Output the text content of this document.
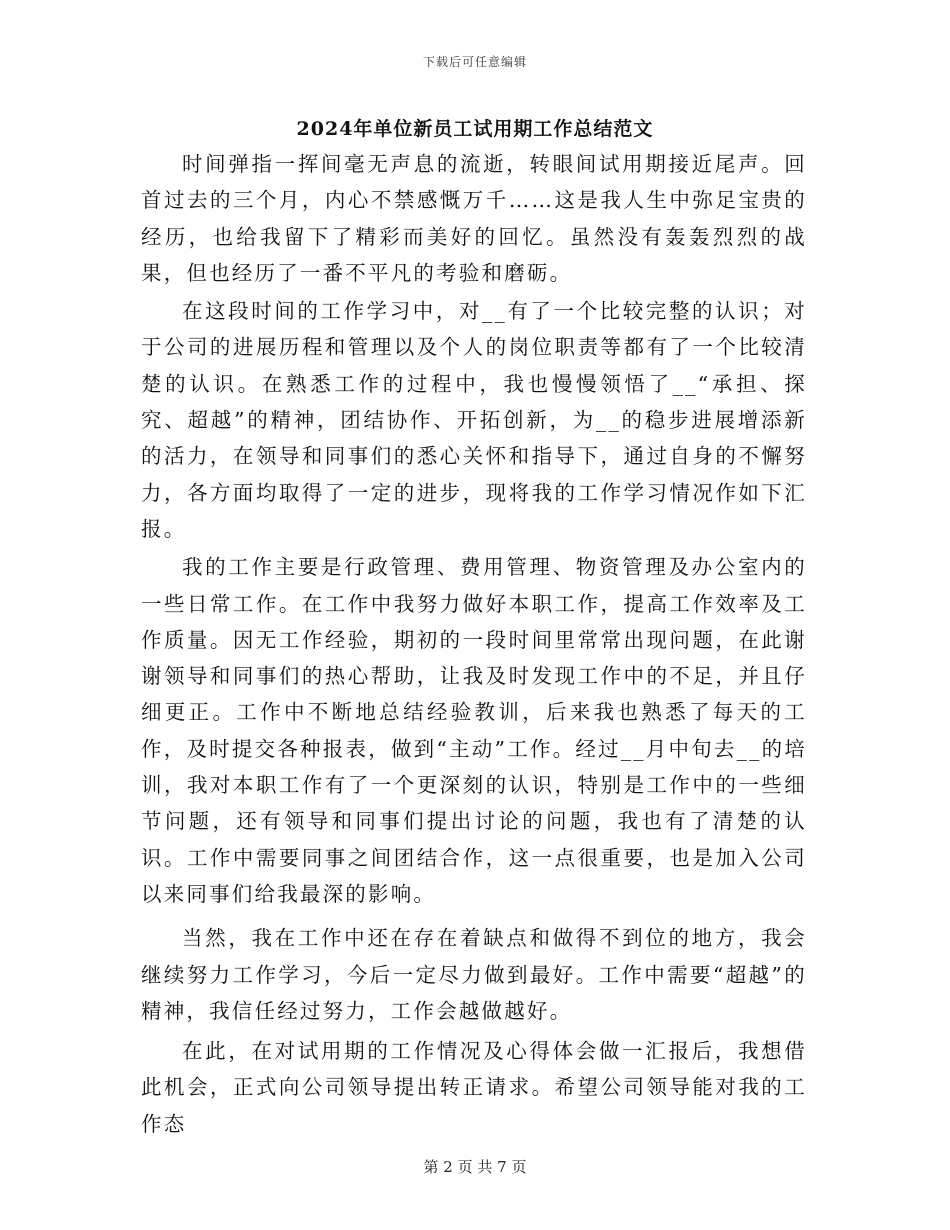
下载后可任意编辑
2024年单位新员工试用期工作总结范文

时间弹指一挥间毫无声息的流逝，转眼间试用期接近尾声。回首过去的三个月，内心不禁感慨万千……这是我人生中弥足宝贵的经历，也给我留下了精彩而美好的回忆。虽然没有轰轰烈烈的战果，但也经历了一番不平凡的考验和磨砺。

在这段时间的工作学习中，对__有了一个比较完整的认识；对于公司的进展历程和管理以及个人的岗位职责等都有了一个比较清楚的认识。在熟悉工作的过程中，我也慢慢领悟了__“承担、探究、超越”的精神，团结协作、开拓创新，为__的稳步进展增添新的活力，在领导和同事们的悉心关怀和指导下，通过自身的不懈努力，各方面均取得了一定的进步，现将我的工作学习情况作如下汇报。

我的工作主要是行政管理、费用管理、物资管理及办公室内的一些日常工作。在工作中我努力做好本职工作，提高工作效率及工作质量。因无工作经验，期初的一段时间里常常出现问题，在此谢谢领导和同事们的热心帮助，让我及时发现工作中的不足，并且仔细更正。工作中不断地总结经验教训，后来我也熟悉了每天的工作，及时提交各种报表，做到“主动”工作。经过__月中旬去__的培训，我对本职工作有了一个更深刻的认识，特别是工作中的一些细节问题，还有领导和同事们提出讨论的问题，我也有了清楚的认识。工作中需要同事之间团结合作，这一点很重要，也是加入公司以来同事们给我最深的影响。

当然，我在工作中还在存在着缺点和做得不到位的地方，我会继续努力工作学习，今后一定尽力做到最好。工作中需要“超越”的精神，我信任经过努力，工作会越做越好。

在此，在对试用期的工作情况及心得体会做一汇报后，我想借此机会，正式向公司领导提出转正请求。希望公司领导能对我的工作态

第 2 页 共 7 页
